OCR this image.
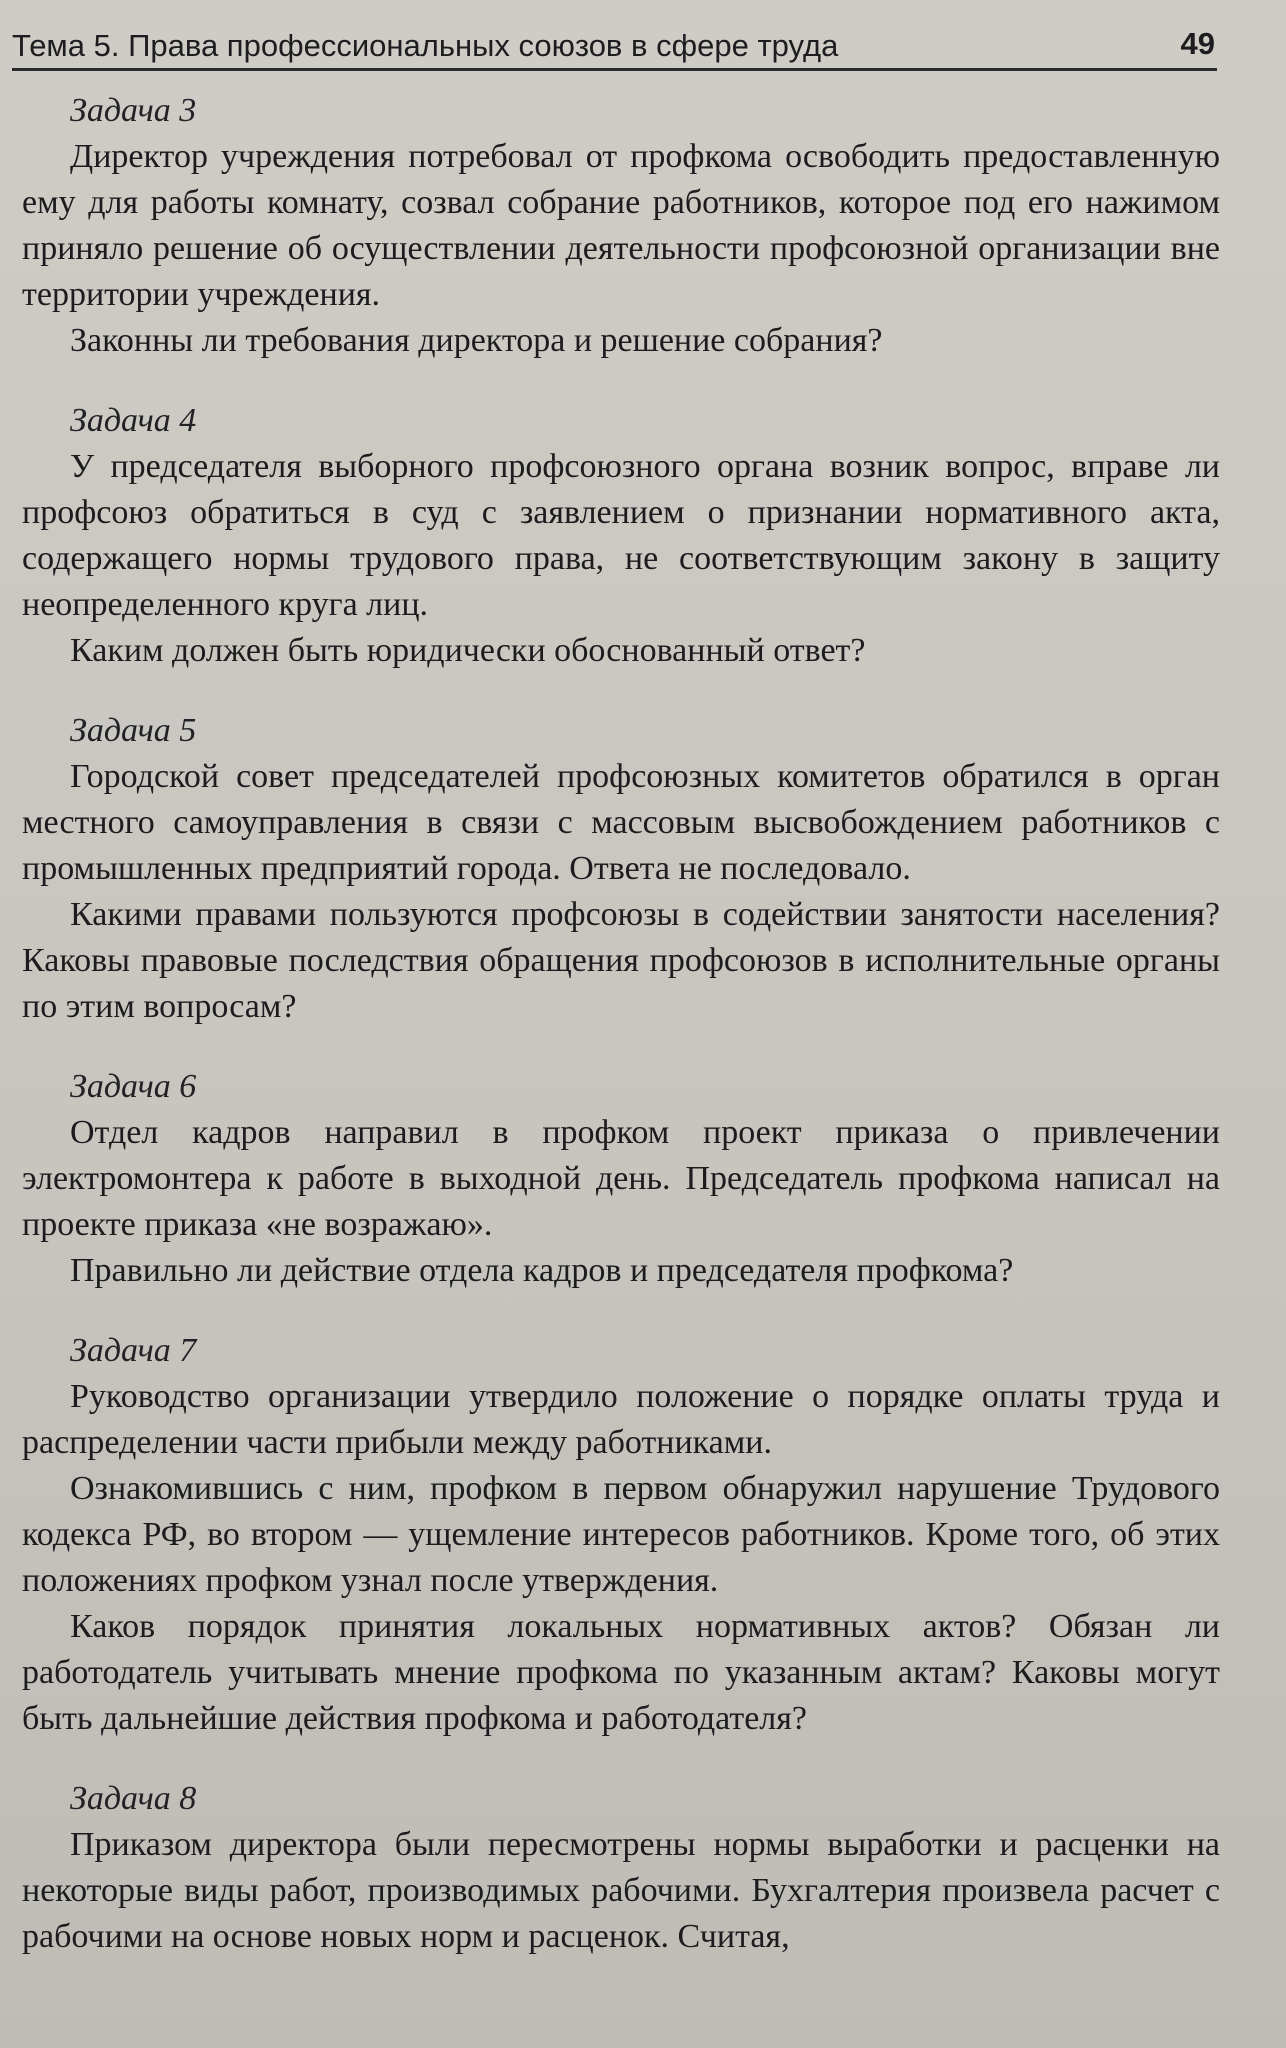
Тема 5. Права профессиональных союзов в сфере труда	49

Задача 3

Директор учреждения потребовал от профкома освободить предоставленную ему для работы комнату, созвал собрание работников, которое под его нажимом приняло решение об осуществлении деятельности профсоюзной организации вне территории учреждения.

Законны ли требования директора и решение собрания?

Задача 4

У председателя выборного профсоюзного органа возник вопрос, вправе ли профсоюз обратиться в суд с заявлением о признании нормативного акта, содержащего нормы трудового права, не соответствующим закону в защиту неопределенного круга лиц.

Каким должен быть юридически обоснованный ответ?

Задача 5

Городской совет председателей профсоюзных комитетов обратился в орган местного самоуправления в связи с массовым высвобождением работников с промышленных предприятий города. Ответа не последовало.

Какими правами пользуются профсоюзы в содействии занятости населения? Каковы правовые последствия обращения профсоюзов в исполнительные органы по этим вопросам?

Задача 6

Отдел кадров направил в профком проект приказа о привлечении электромонтера к работе в выходной день. Председатель профкома написал на проекте приказа «не возражаю».

Правильно ли действие отдела кадров и председателя профкома?

Задача 7

Руководство организации утвердило положение о порядке оплаты труда и распределении части прибыли между работниками.

Ознакомившись с ним, профком в первом обнаружил нарушение Трудового кодекса РФ, во втором — ущемление интересов работников. Кроме того, об этих положениях профком узнал после утверждения.

Каков порядок принятия локальных нормативных актов? Обязан ли работодатель учитывать мнение профкома по указанным актам? Каковы могут быть дальнейшие действия профкома и работодателя?

Задача 8

Приказом директора были пересмотрены нормы выработки и расценки на некоторые виды работ, производимых рабочими. Бухгалтерия произвела расчет с рабочими на основе новых норм и расценок. Считая,
